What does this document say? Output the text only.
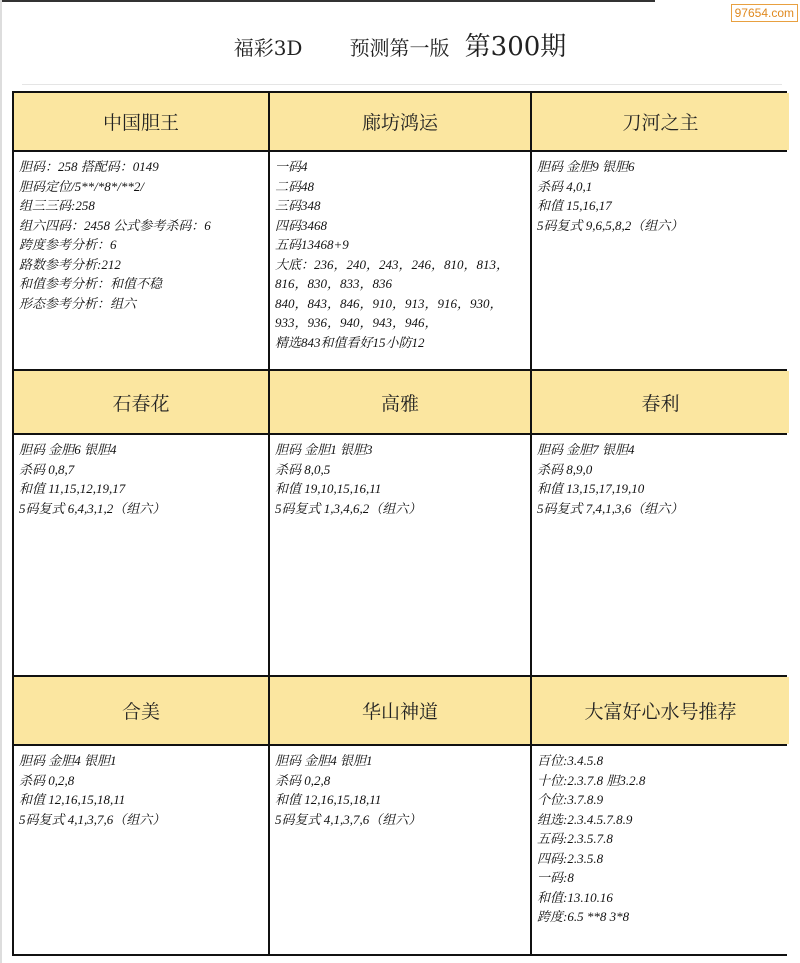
97654.com
福彩3D 预测第一版 第300期
中国胆王	廊坊鸿运	刀河之主
胆码：258 搭配码：0149
胆码定位/5**/*8*/**2/
组三三码:258
组六四码：2458 公式参考杀码：6
跨度参考分析：6
路数参考分析:212
和值参考分析：和值不稳
形态参考分析：组六
一码4
二码48
三码348
四码3468
五码13468+9
大底：236，240，243，246，810，813，
816，830，833，836
840，843，846，910，913，916，930，
933，936，940，943，946，
精选843和值看好15小防12
胆码 金胆9 银胆6
杀码 4,0,1
和值 15,16,17
5码复式 9,6,5,8,2（组六）
石春花	高雅	春利
胆码 金胆6 银胆4
杀码 0,8,7
和值 11,15,12,19,17
5码复式 6,4,3,1,2（组六）
胆码 金胆1 银胆3
杀码 8,0,5
和值 19,10,15,16,11
5码复式 1,3,4,6,2（组六）
胆码 金胆7 银胆4
杀码 8,9,0
和值 13,15,17,19,10
5码复式 7,4,1,3,6（组六）
合美	华山神道	大富好心水号推荐
胆码 金胆4 银胆1
杀码 0,2,8
和值 12,16,15,18,11
5码复式 4,1,3,7,6（组六）
胆码 金胆4 银胆1
杀码 0,2,8
和值 12,16,15,18,11
5码复式 4,1,3,7,6（组六）
百位:3.4.5.8
十位:2.3.7.8 胆3.2.8
个位:3.7.8.9
组选:2.3.4.5.7.8.9
五码:2.3.5.7.8
四码:2.3.5.8
一码:8
和值:13.10.16
跨度:6.5 **8 3*8
